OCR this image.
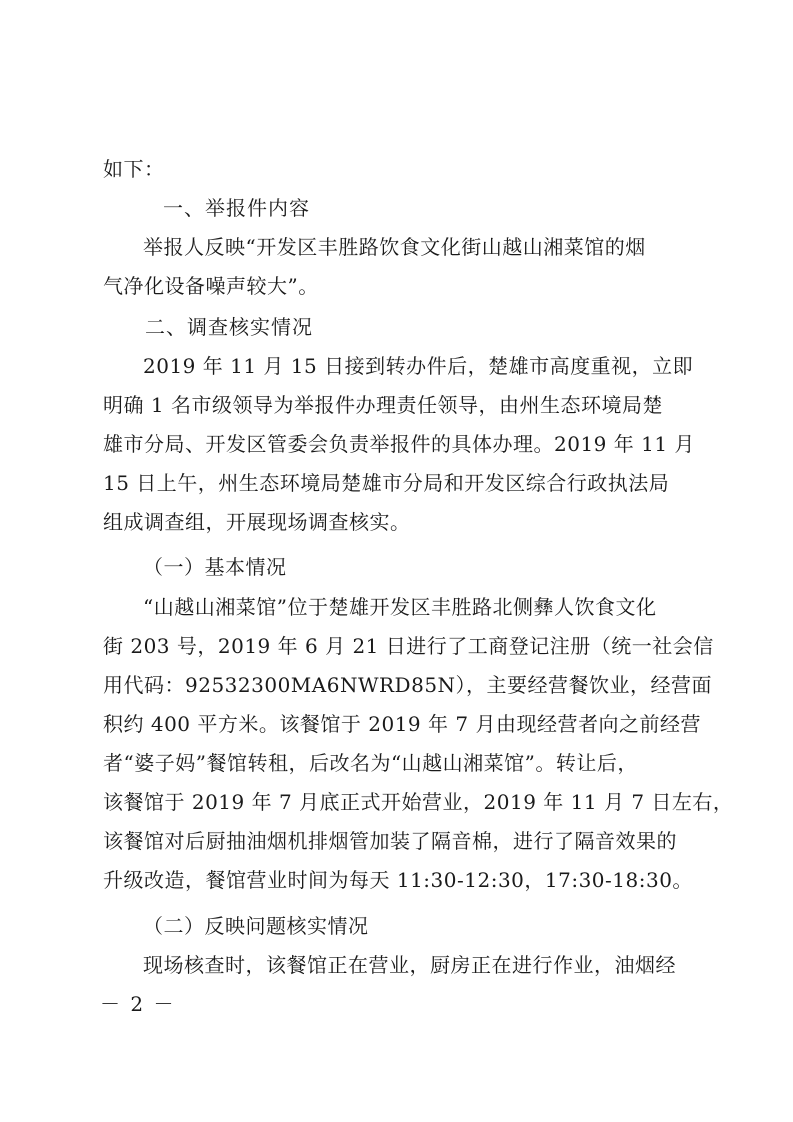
如下：
一、举报件内容
举报人反映“开发区丰胜路饮食文化街山越山湘菜馆的烟
气净化设备噪声较大”。
二、调查核实情况
2019 年 11 月 15 日接到转办件后，楚雄市高度重视，立即
明确 1 名市级领导为举报件办理责任领导，由州生态环境局楚
雄市分局、开发区管委会负责举报件的具体办理。2019 年 11 月
15 日上午，州生态环境局楚雄市分局和开发区综合行政执法局
组成调查组，开展现场调查核实。
（一）基本情况
“山越山湘菜馆”位于楚雄开发区丰胜路北侧彝人饮食文化
街 203 号，2019 年 6 月 21 日进行了工商登记注册（统一社会信
用代码：92532300MA6NWRD85N），主要经营餐饮业，经营面
积约 400 平方米。该餐馆于 2019 年 7 月由现经营者向之前经营
者“婆子妈”餐馆转租，后改名为“山越山湘菜馆”。转让后，
该餐馆于 2019 年 7 月底正式开始营业，2019 年 11 月 7 日左右，
该餐馆对后厨抽油烟机排烟管加装了隔音棉，进行了隔音效果的
升级改造，餐馆营业时间为每天 11:30-12:30，17:30-18:30。
（二）反映问题核实情况
现场核查时，该餐馆正在营业，厨房正在进行作业，油烟经
－ 2 －
